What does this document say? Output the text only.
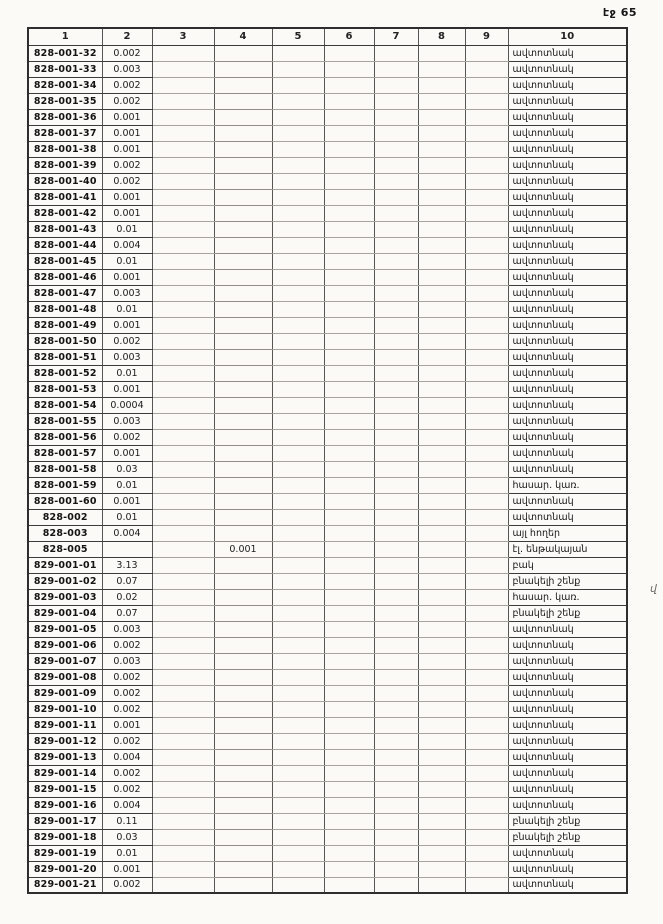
էջ 65
1	2	3	4	5	6	7	8	9	10
828-001-32	0.002								ավտոտնակ
828-001-33	0.003								ավտոտնակ
828-001-34	0.002								ավտոտնակ
828-001-35	0.002								ավտոտնակ
828-001-36	0.001								ավտոտնակ
828-001-37	0.001								ավտոտնակ
828-001-38	0.001								ավտոտնակ
828-001-39	0.002								ավտոտնակ
828-001-40	0.002								ավտոտնակ
828-001-41	0.001								ավտոտնակ
828-001-42	0.001								ավտոտնակ
828-001-43	0.01								ավտոտնակ
828-001-44	0.004								ավտոտնակ
828-001-45	0.01								ավտոտնակ
828-001-46	0.001								ավտոտնակ
828-001-47	0.003								ավտոտնակ
828-001-48	0.01								ավտոտնակ
828-001-49	0.001								ավտոտնակ
828-001-50	0.002								ավտոտնակ
828-001-51	0.003								ավտոտնակ
828-001-52	0.01								ավտոտնակ
828-001-53	0.001								ավտոտնակ
828-001-54	0.0004								ավտոտնակ
828-001-55	0.003								ավտոտնակ
828-001-56	0.002								ավտոտնակ
828-001-57	0.001								ավտոտնակ
828-001-58	0.03								ավտոտնակ
828-001-59	0.01								հասար. կառ.
828-001-60	0.001								ավտոտնակ
828-002	0.01								ավտոտնակ
828-003	0.004								այլ հողեր
828-005			0.001						էլ. ենթակայան
829-001-01	3.13								բակ
829-001-02	0.07								բնակելի շենք
829-001-03	0.02								հասար. կառ.
829-001-04	0.07								բնակելի շենք
829-001-05	0.003								ավտոտնակ
829-001-06	0.002								ավտոտնակ
829-001-07	0.003								ավտոտնակ
829-001-08	0.002								ավտոտնակ
829-001-09	0.002								ավտոտնակ
829-001-10	0.002								ավտոտնակ
829-001-11	0.001								ավտոտնակ
829-001-12	0.002								ավտոտնակ
829-001-13	0.004								ավտոտնակ
829-001-14	0.002								ավտոտնակ
829-001-15	0.002								ավտոտնակ
829-001-16	0.004								ավտոտնակ
829-001-17	0.11								բնակելի շենք
829-001-18	0.03								բնակելի շենք
829-001-19	0.01								ավտոտնակ
829-001-20	0.001								ավտոտնակ
829-001-21	0.002								ավտոտնակ
վ
